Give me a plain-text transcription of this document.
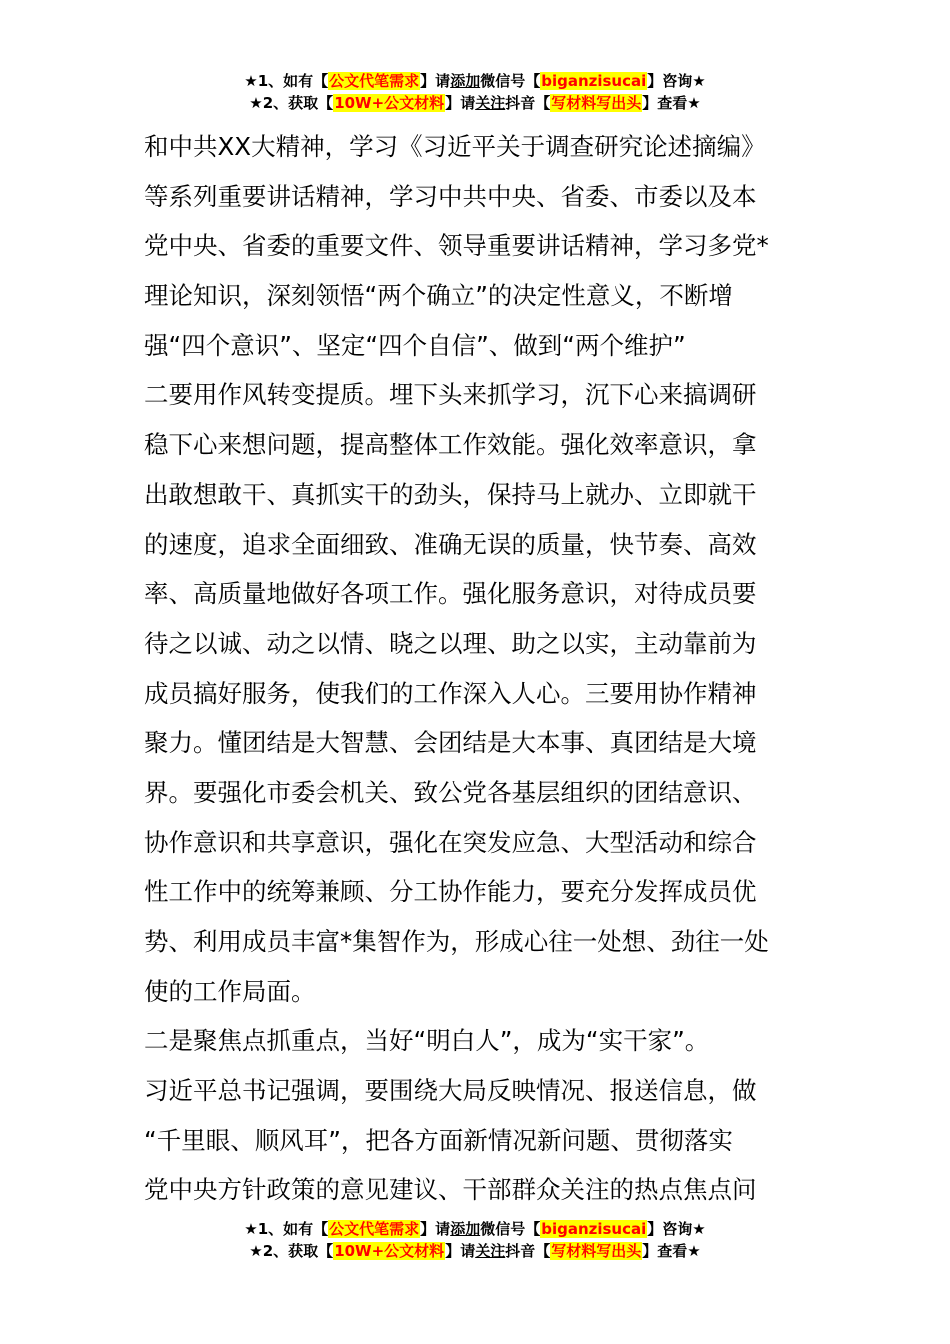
★1、如有【公文代笔需求】请添加微信号【biganzisucai】咨询★
★2、获取【10W+公文材料】请关注抖音【写材料写出头】查看★
和中共XX大精神，学习《习近平关于调查研究论述摘编》
等系列重要讲话精神，学习中共中央、省委、市委以及本
党中央、省委的重要文件、领导重要讲话精神，学习多党*
理论知识，深刻领悟“两个确立”的决定性意义，不断增
强“四个意识”、坚定“四个自信”、做到“两个维护”
二要用作风转变提质。埋下头来抓学习，沉下心来搞调研
稳下心来想问题，提高整体工作效能。强化效率意识，拿
出敢想敢干、真抓实干的劲头，保持马上就办、立即就干
的速度，追求全面细致、准确无误的质量，快节奏、高效
率、高质量地做好各项工作。强化服务意识，对待成员要
待之以诚、动之以情、晓之以理、助之以实，主动靠前为
成员搞好服务，使我们的工作深入人心。三要用协作精神
聚力。懂团结是大智慧、会团结是大本事、真团结是大境
界。要强化市委会机关、致公党各基层组织的团结意识、
协作意识和共享意识，强化在突发应急、大型活动和综合
性工作中的统筹兼顾、分工协作能力，要充分发挥成员优
势、利用成员丰富*集智作为，形成心往一处想、劲往一处
使的工作局面。
二是聚焦点抓重点，当好“明白人”，成为“实干家”。
习近平总书记强调，要围绕大局反映情况、报送信息，做
“千里眼、顺风耳”，把各方面新情况新问题、贯彻落实
党中央方针政策的意见建议、干部群众关注的热点焦点问
★1、如有【公文代笔需求】请添加微信号【biganzisucai】咨询★
★2、获取【10W+公文材料】请关注抖音【写材料写出头】查看★
